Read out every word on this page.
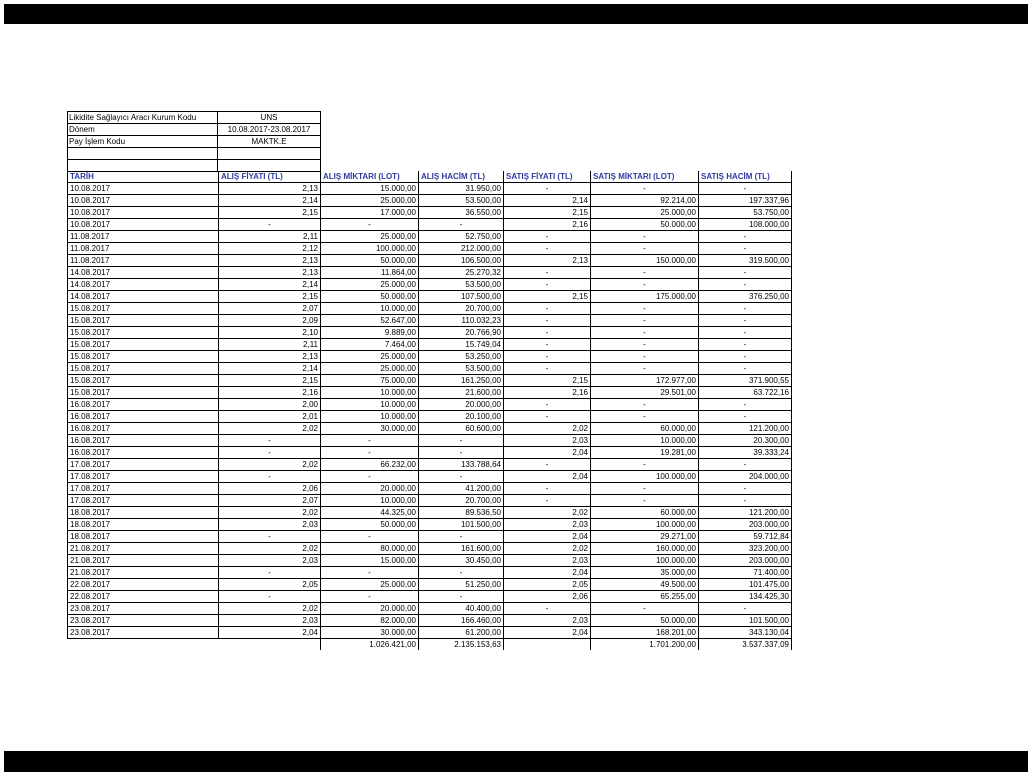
Likidite Sağlayıcı Aracı Kurum Kodu	UNS
Dönem	10.08.2017-23.08.2017
Pay İşlem Kodu	MAKTK.E

TARİH	ALIŞ FİYATI (TL)	ALIŞ MİKTARI (LOT)	ALIŞ HACİM (TL)	SATIŞ FİYATI (TL)	SATIŞ MİKTARI (LOT)	SATIŞ HACİM (TL)
10.08.2017	2,13	15.000,00	31.950,00	-	-	-
10.08.2017	2,14	25.000,00	53.500,00	2,14	92.214,00	197.337,96
10.08.2017	2,15	17.000,00	36.550,00	2,15	25.000,00	53.750,00
10.08.2017	-	-	-	2,16	50.000,00	108.000,00
11.08.2017	2,11	25.000,00	52.750,00	-	-	-
11.08.2017	2,12	100.000,00	212.000,00	-	-	-
11.08.2017	2,13	50.000,00	106.500,00	2,13	150.000,00	319.500,00
14.08.2017	2,13	11.864,00	25.270,32	-	-	-
14.08.2017	2,14	25.000,00	53.500,00	-	-	-
14.08.2017	2,15	50.000,00	107.500,00	2,15	175.000,00	376.250,00
15.08.2017	2,07	10.000,00	20.700,00	-	-	-
15.08.2017	2,09	52.647,00	110.032,23	-	-	-
15.08.2017	2,10	9.889,00	20.766,90	-	-	-
15.08.2017	2,11	7.464,00	15.749,04	-	-	-
15.08.2017	2,13	25.000,00	53.250,00	-	-	-
15.08.2017	2,14	25.000,00	53.500,00	-	-	-
15.08.2017	2,15	75.000,00	161.250,00	2,15	172.977,00	371.900,55
15.08.2017	2,16	10.000,00	21.600,00	2,16	29.501,00	63.722,16
16.08.2017	2,00	10.000,00	20.000,00	-	-	-
16.08.2017	2,01	10.000,00	20.100,00	-	-	-
16.08.2017	2,02	30.000,00	60.600,00	2,02	60.000,00	121.200,00
16.08.2017	-	-	-	2,03	10.000,00	20.300,00
16.08.2017	-	-	-	2,04	19.281,00	39.333,24
17.08.2017	2,02	66.232,00	133.788,64	-	-	-
17.08.2017	-	-	-	2,04	100.000,00	204.000,00
17.08.2017	2,06	20.000,00	41.200,00	-	-	-
17.08.2017	2,07	10.000,00	20.700,00	-	-	-
18.08.2017	2,02	44.325,00	89.536,50	2,02	60.000,00	121.200,00
18.08.2017	2,03	50.000,00	101.500,00	2,03	100.000,00	203.000,00
18.08.2017	-	-	-	2,04	29.271,00	59.712,84
21.08.2017	2,02	80.000,00	161.600,00	2,02	160.000,00	323.200,00
21.08.2017	2,03	15.000,00	30.450,00	2,03	100.000,00	203.000,00
21.08.2017	-	-	-	2,04	35.000,00	71.400,00
22.08.2017	2,05	25.000,00	51.250,00	2,05	49.500,00	101.475,00
22.08.2017	-	-	-	2,06	65.255,00	134.425,30
23.08.2017	2,02	20.000,00	40.400,00	-	-	-
23.08.2017	2,03	82.000,00	166.460,00	2,03	50.000,00	101.500,00
23.08.2017	2,04	30.000,00	61.200,00	2,04	168.201,00	343.130,04
		1.026.421,00	2.135.153,63		1.701.200,00	3.537.337,09
